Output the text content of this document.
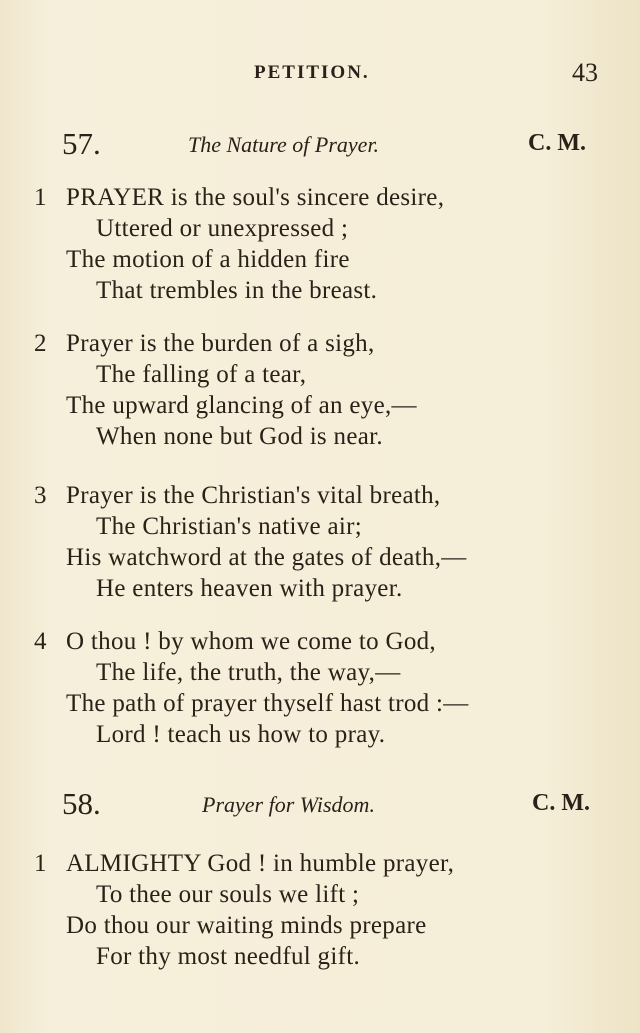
PETITION.	43
57.	The Nature of Prayer.	C. M.
1 PRAYER is the soul's sincere desire,
Uttered or unexpressed ;
The motion of a hidden fire
That trembles in the breast.
2 Prayer is the burden of a sigh,
The falling of a tear,
The upward glancing of an eye,—
When none but God is near.
3 Prayer is the Christian's vital breath,
The Christian's native air;
His watchword at the gates of death,—
He enters heaven with prayer.
4 O thou ! by whom we come to God,
The life, the truth, the way,—
The path of prayer thyself hast trod :—
Lord ! teach us how to pray.
58.	Prayer for Wisdom.	C. M.
1 ALMIGHTY God ! in humble prayer,
To thee our souls we lift ;
Do thou our waiting minds prepare
For thy most needful gift.
